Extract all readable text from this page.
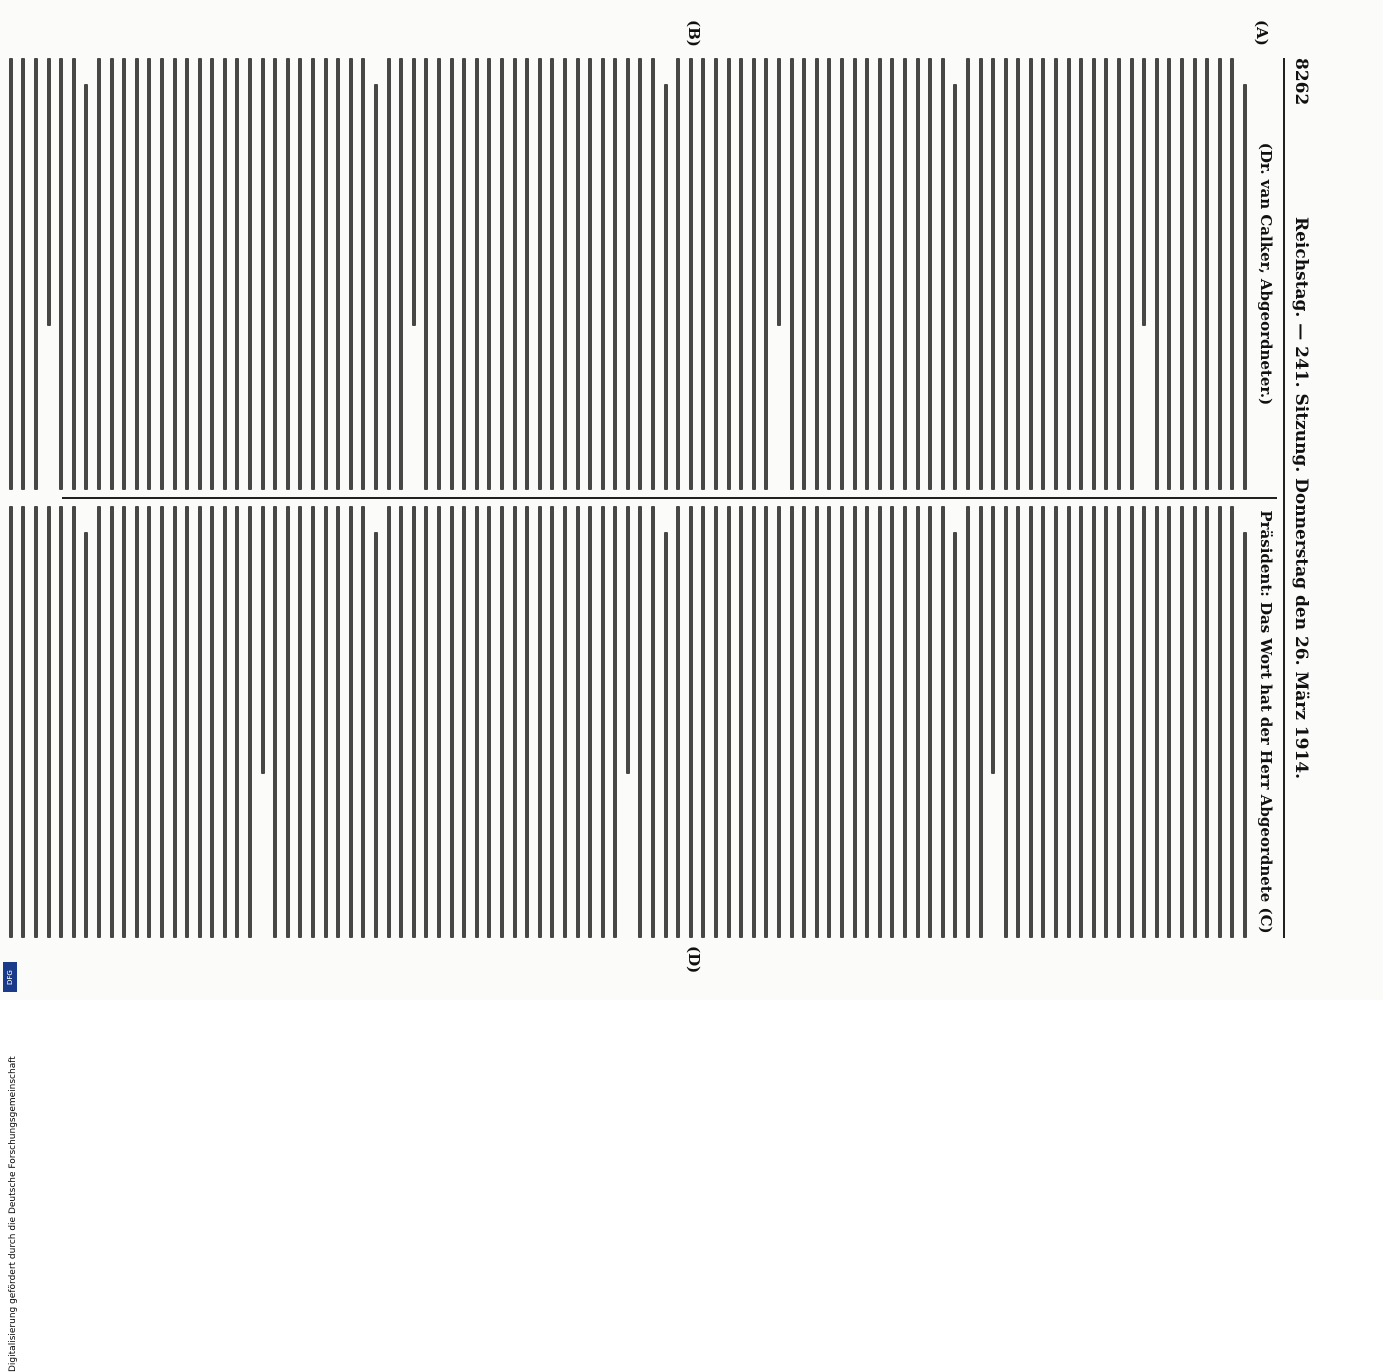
8262
Reichstag. — 241. Sitzung. Donnerstag den 26. März 1914.
(Dr. van Calker, Abgeordneter.)
Präsident: Das Wort hat der Herr Abgeordnete (C)
(A)
(B)
(D)
Digitalisierung gefördert durch die Deutsche Forschungsgemeinschaft
DFG
